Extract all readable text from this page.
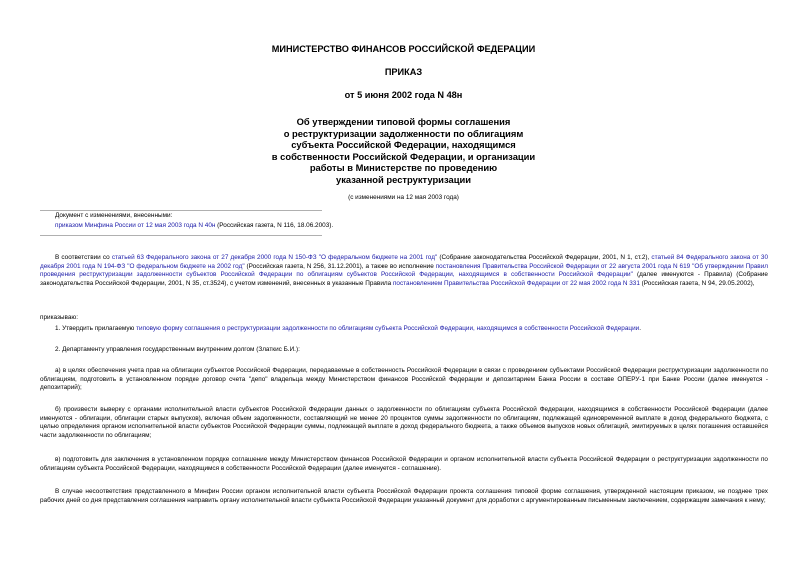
МИНИСТЕРСТВО ФИНАНСОВ РОССИЙСКОЙ ФЕДЕРАЦИИ
ПРИКАЗ
от 5 июня 2002 года N 48н
Об утверждении типовой формы соглашения
о реструктуризации задолженности по облигациям
субъекта Российской Федерации, находящимся
в собственности Российской Федерации, и организации
работы в Министерстве по проведению
указанной реструктуризации
(с изменениями на 12 мая 2003 года)
Документ с изменениями, внесенными:
приказом Минфина России от 12 мая 2003 года N 40н (Российская газета, N 116, 18.06.2003).
В соответствии со статьей 63 Федерального закона от 27 декабря 2000 года N 150-ФЗ "О федеральном бюджете на 2001 год" (Собрание законодательства Российской Федерации, 2001, N 1, ст.2), статьей 84 Федерального закона от 30 декабря 2001 года N 194-ФЗ "О федеральном бюджете на 2002 год" (Российская газета, N 256, 31.12.2001), а также во исполнение постановления Правительства Российской Федерации от 22 августа 2001 года N 619 "Об утверждении Правил проведения реструктуризации задолженности субъектов Российской Федерации по облигациям субъектов Российской Федерации, находящимся в собственности Российской Федерации" (далее именуются - Правила) (Собрание законодательства Российской Федерации, 2001, N 35, ст.3524), с учетом изменений, внесенных в указанные Правила постановлением Правительства Российской Федерации от 22 мая 2002 года N 331 (Российская газета, N 94, 29.05.2002),
приказываю:
1. Утвердить прилагаемую типовую форму соглашения о реструктуризации задолженности по облигациям субъекта Российской Федерации, находящимся в собственности Российской Федерации.
2. Департаменту управления государственным внутренним долгом (Златкис Б.И.):
а) в целях обеспечения учета прав на облигации субъектов Российской Федерации, передаваемые в собственность Российской Федерации в связи с проведением субъектами Российской Федерации реструктуризации задолженности по облигациям, подготовить в установленном порядке договор счета "депо" владельца между Министерством финансов Российской Федерации и депозитарием Банка России в составе ОПЕРУ-1 при Банке России (далее именуется - депозитарий);
б) произвести выверку с органами исполнительной власти субъектов Российской Федерации данных о задолженности по облигациям субъекта Российской Федерации, находящимся в собственности Российской Федерации (далее именуются - облигации, облигации старых выпусков), включая объем задолженности, составляющий не менее 20 процентов суммы задолженности по облигациям, подлежащей единовременной выплате в доход федерального бюджета, с целью определения органом исполнительной власти субъектов Российской Федерации суммы, подлежащей выплате в доход федерального бюджета, а также объемов выпусков новых облигаций, эмитируемых в целях погашения оставшейся части задолженности по облигациям;
в) подготовить для заключения в установленном порядке соглашение между Министерством финансов Российской Федерации и органом исполнительной власти субъекта Российской Федерации о реструктуризации задолженности по облигациям субъекта Российской Федерации, находящимся в собственности Российской Федерации (далее именуется - соглашение).
В случае несоответствия представленного в Минфин России органом исполнительной власти субъекта Российской Федерации проекта соглашения типовой форме соглашения, утвержденной настоящим приказом, не позднее трех рабочих дней со дня представления соглашения направить органу исполнительной власти субъекта Российской Федерации указанный документ для доработки с аргументированным письменным заключением, содержащим замечания к нему;
